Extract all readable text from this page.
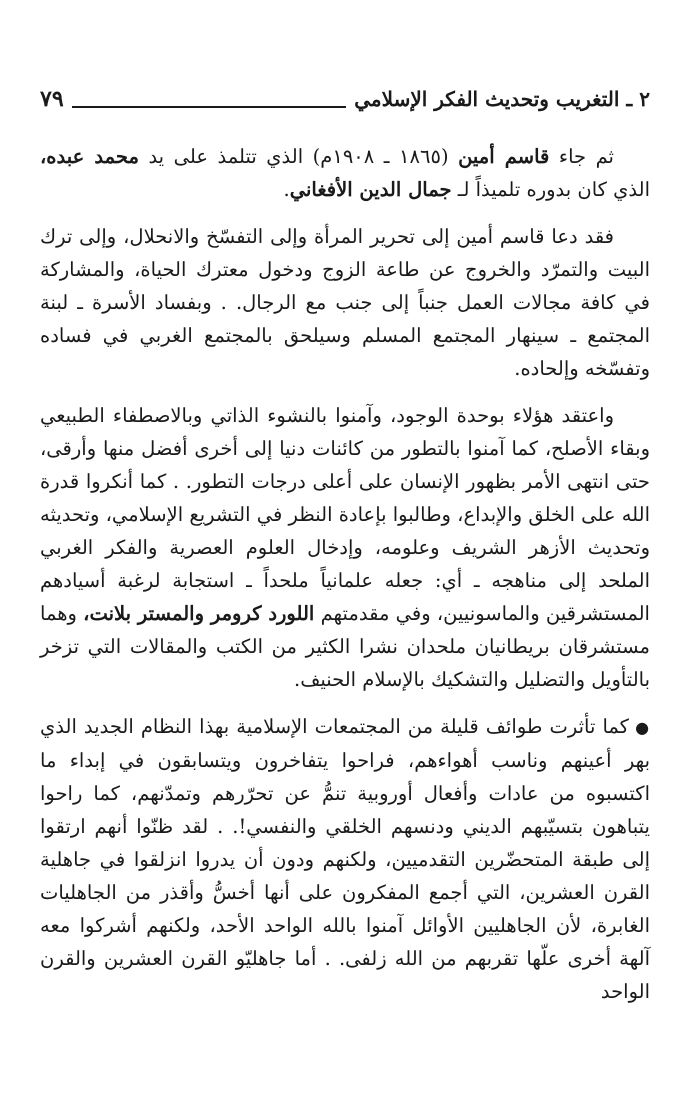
٢ ـ التغريب وتحديث الفكر الإسلامي
٧٩

ثم جاء قاسم أمين (١٨٦٥ ـ ١٩٠٨م) الذي تتلمذ على يد محمد عبده، الذي كان بدوره تلميذاً لـ جمال الدين الأفغاني.

فقد دعا قاسم أمين إلى تحرير المرأة وإلى التفسّخ والانحلال، وإلى ترك البيت والتمرّد والخروج عن طاعة الزوج ودخول معترك الحياة، والمشاركة في كافة مجالات العمل جنباً إلى جنب مع الرجال. . وبفساد الأسرة ـ لبنة المجتمع ـ سينهار المجتمع المسلم وسيلحق بالمجتمع الغربي في فساده وتفسّخه وإلحاده.

واعتقد هؤلاء بوحدة الوجود، وآمنوا بالنشوء الذاتي وبالاصطفاء الطبيعي وبقاء الأصلح، كما آمنوا بالتطور من كائنات دنيا إلى أخرى أفضل منها وأرقى، حتى انتهى الأمر بظهور الإنسان على أعلى درجات التطور. . كما أنكروا قدرة الله على الخلق والإبداع، وطالبوا بإعادة النظر في التشريع الإسلامي، وتحديثه وتحديث الأزهر الشريف وعلومه، وإدخال العلوم العصرية والفكر الغربي الملحد إلى مناهجه ـ أي: جعله علمانياً ملحداً ـ استجابة لرغبة أسيادهم المستشرقين والماسونيين، وفي مقدمتهم اللورد كرومر والمستر بلانت، وهما مستشرقان بريطانيان ملحدان نشرا الكثير من الكتب والمقالات التي تزخر بالتأويل والتضليل والتشكيك بالإسلام الحنيف.

● كما تأثرت طوائف قليلة من المجتمعات الإسلامية بهذا النظام الجديد الذي بهر أعينهم وناسب أهواءهم، فراحوا يتفاخرون ويتسابقون في إبداء ما اكتسبوه من عادات وأفعال أوروبية تنمُّ عن تحرّرهم وتمدّنهم، كما راحوا يتباهون بتسيّبهم الديني ودنسهم الخلقي والنفسي!. . لقد ظنّوا أنهم ارتقوا إلى طبقة المتحضّرين التقدميين، ولكنهم ودون أن يدروا انزلقوا في جاهلية القرن العشرين، التي أجمع المفكرون على أنها أخسُّ وأقذر من الجاهليات الغابرة، لأن الجاهليين الأوائل آمنوا بالله الواحد الأحد، ولكنهم أشركوا معه آلهة أخرى علّها تقربهم من الله زلفى. . أما جاهليّو القرن العشرين والقرن الواحد
